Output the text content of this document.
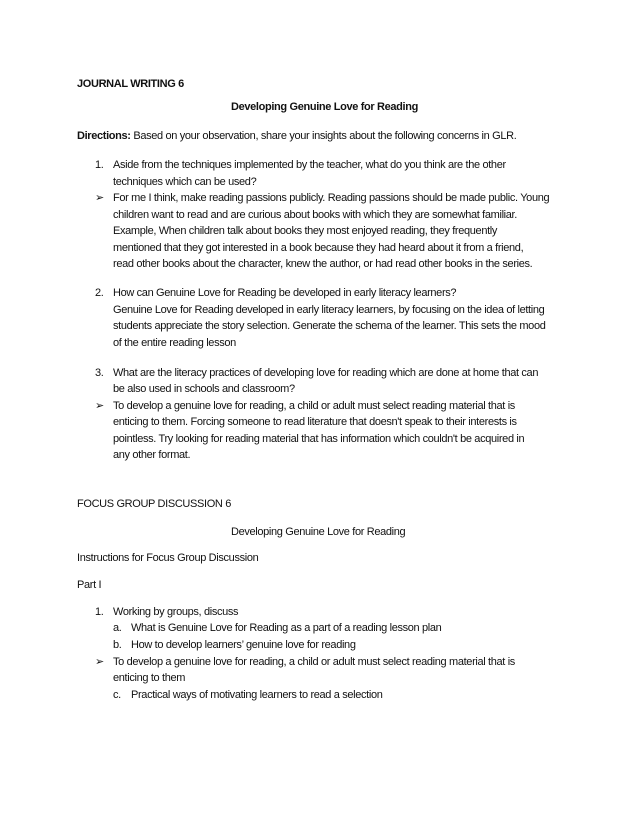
JOURNAL WRITING 6

Developing Genuine Love for Reading

Directions: Based on your observation, share your insights about the following concerns in GLR.

1. Aside from the techniques implemented by the teacher, what do you think are the other

techniques which can be used?

➢ For me I think, make reading passions publicly. Reading passions should be made public. Young

children want to read and are curious about books with which they are somewhat familiar.

Example, When children talk about books they most enjoyed reading, they frequently

mentioned that they got interested in a book because they had heard about it from a friend,

read other books about the character, knew the author, or had read other books in the series.

2. How can Genuine Love for Reading be developed in early literacy learners?

Genuine Love for Reading developed in early literacy learners, by focusing on the idea of letting

students appreciate the story selection. Generate the schema of the learner. This sets the mood

of the entire reading lesson

3. What are the literacy practices of developing love for reading which are done at home that can

be also used in schools and classroom?

➢ To develop a genuine love for reading, a child or adult must select reading material that is

enticing to them. Forcing someone to read literature that doesn't speak to their interests is

pointless. Try looking for reading material that has information which couldn't be acquired in

any other format.

FOCUS GROUP DISCUSSION 6

Developing Genuine Love for Reading

Instructions for Focus Group Discussion

Part I

1. Working by groups, discuss

a. What is Genuine Love for Reading as a part of a reading lesson plan

b. How to develop learners’ genuine love for reading

➢ To develop a genuine love for reading, a child or adult must select reading material that is

enticing to them

c. Practical ways of motivating learners to read a selection
